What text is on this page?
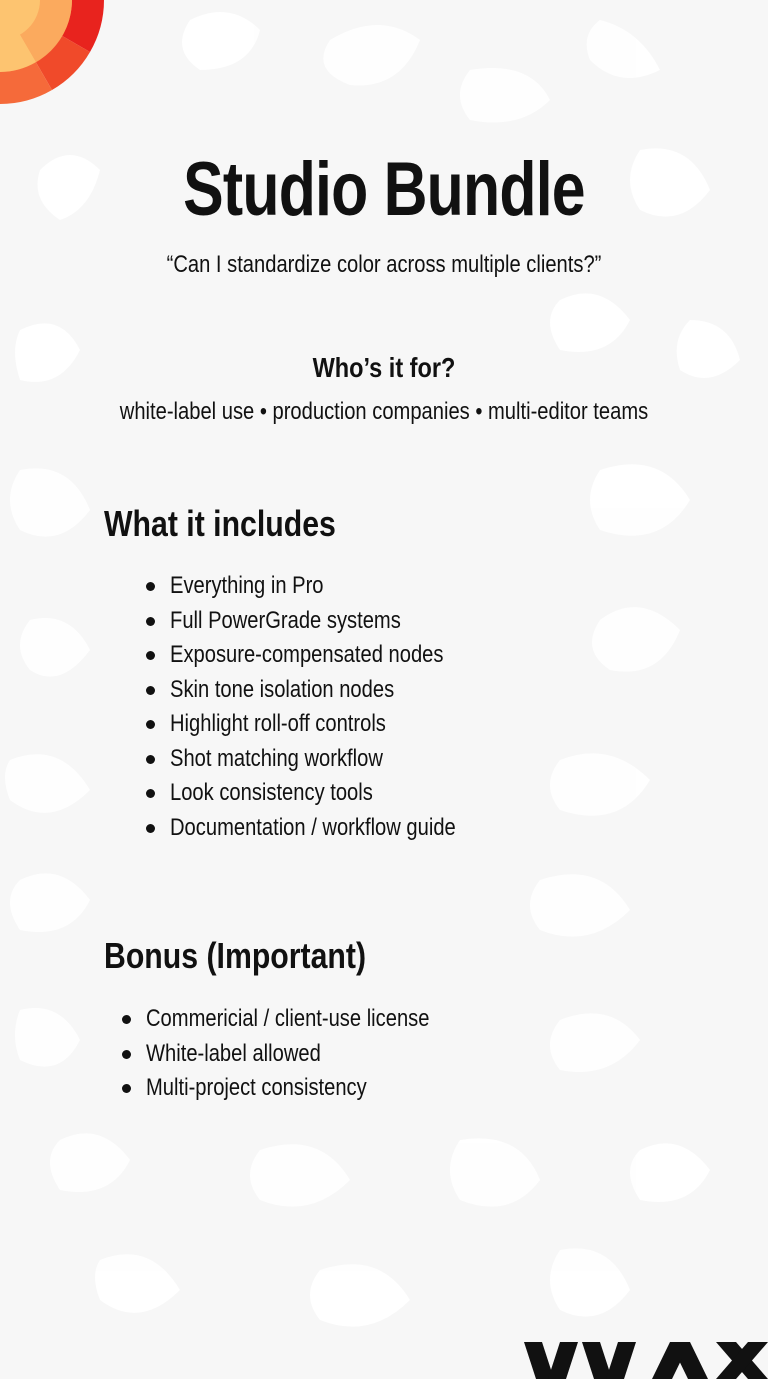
Studio Bundle
“Can I standardize color across multiple clients?”
Who’s it for?
white-label use • production companies • multi-editor teams
What it includes
Everything in Pro
Full PowerGrade systems
Exposure-compensated nodes
Skin tone isolation nodes
Highlight roll-off controls
Shot matching workflow
Look consistency tools
Documentation / workflow guide
Bonus (Important)
Commericial / client-use license
White-label allowed
Multi-project consistency
